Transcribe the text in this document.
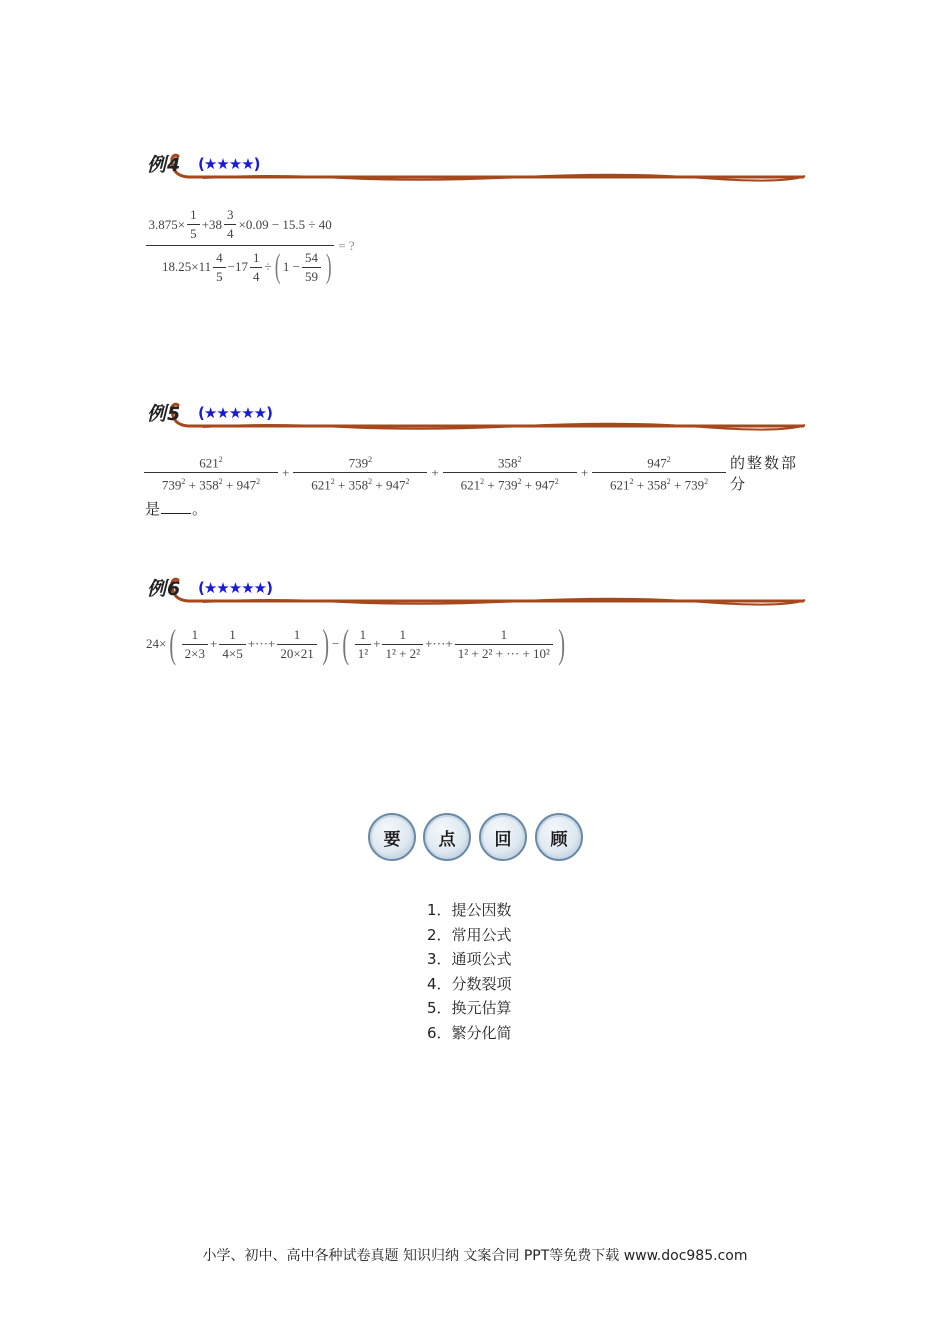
例4 (★★★★)
$3.875\times \frac{1}{5} +38 \frac{3}{4} \times 0.09 - 15.5 \div 40$
$18.25\times 11 \frac{4}{5} -17 \frac{1}{4}$ ÷ ( $1 - \frac{54}{59}$ )
= ?
例5 (★★★★★)
$\frac{621^2}{739^2 + 358^2 + 947^2} + \frac{739^2}{621^2 + 358^2 + 947^2} + \frac{358^2}{621^2 + 739^2 + 947^2} + \frac{947^2}{621^2 + 358^2 + 739^2}$ 的整数部分
是 。
例6 (★★★★★)
24× ( $\frac{1}{2\times 3} + \frac{1}{4\times 5}$ +···+ $\frac{1}{20\times 21}$ ) − ( $\frac{1}{\text{1²}} + \frac{1}{\text{1² + 2²}}$ +···+ $\frac{1}{\text{1² + 2² + ··· + 10²}}$ )
要 点 回 顾
1．提公因数
2．常用公式
3．通项公式
4．分数裂项
5．换元估算
6．繁分化简
小学、初中、高中各种试卷真题 知识归纳 文案合同 PPT等免费下载 www.doc985.com
